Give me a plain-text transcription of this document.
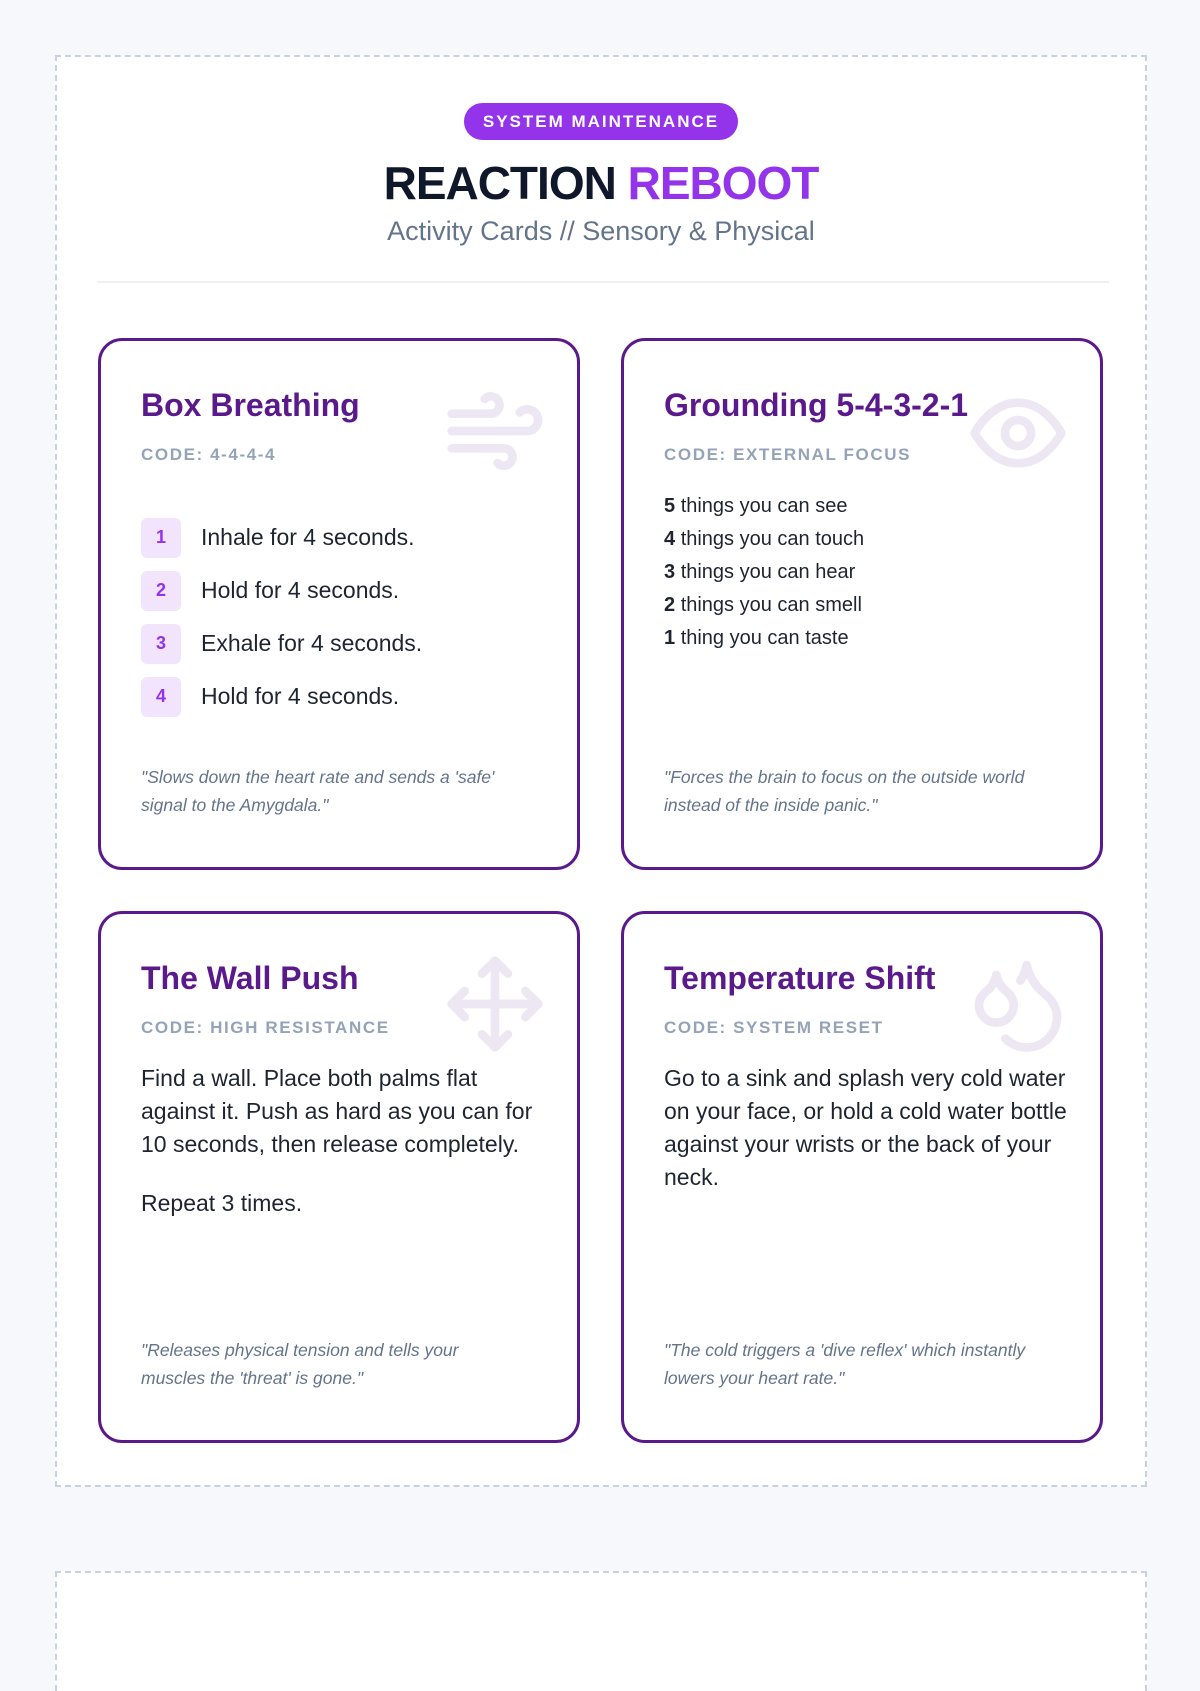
SYSTEM MAINTENANCE
REACTION REBOOT
Activity Cards // Sensory & Physical
Box Breathing
CODE: 4-4-4-4
1	Inhale for 4 seconds.
2	Hold for 4 seconds.
3	Exhale for 4 seconds.
4	Hold for 4 seconds.
"Slows down the heart rate and sends a 'safe' signal to the Amygdala."
Grounding 5-4-3-2-1
CODE: EXTERNAL FOCUS
5 things you can see
4 things you can touch
3 things you can hear
2 things you can smell
1 thing you can taste
"Forces the brain to focus on the outside world instead of the inside panic."
The Wall Push
CODE: HIGH RESISTANCE

Find a wall. Place both palms flat against it. Push as hard as you can for 10 seconds, then release completely.

Repeat 3 times.

"Releases physical tension and tells your muscles the 'threat' is gone."
Temperature Shift
CODE: SYSTEM RESET

Go to a sink and splash very cold water on your face, or hold a cold water bottle against your wrists or the back of your neck.

"The cold triggers a 'dive reflex' which instantly lowers your heart rate."
